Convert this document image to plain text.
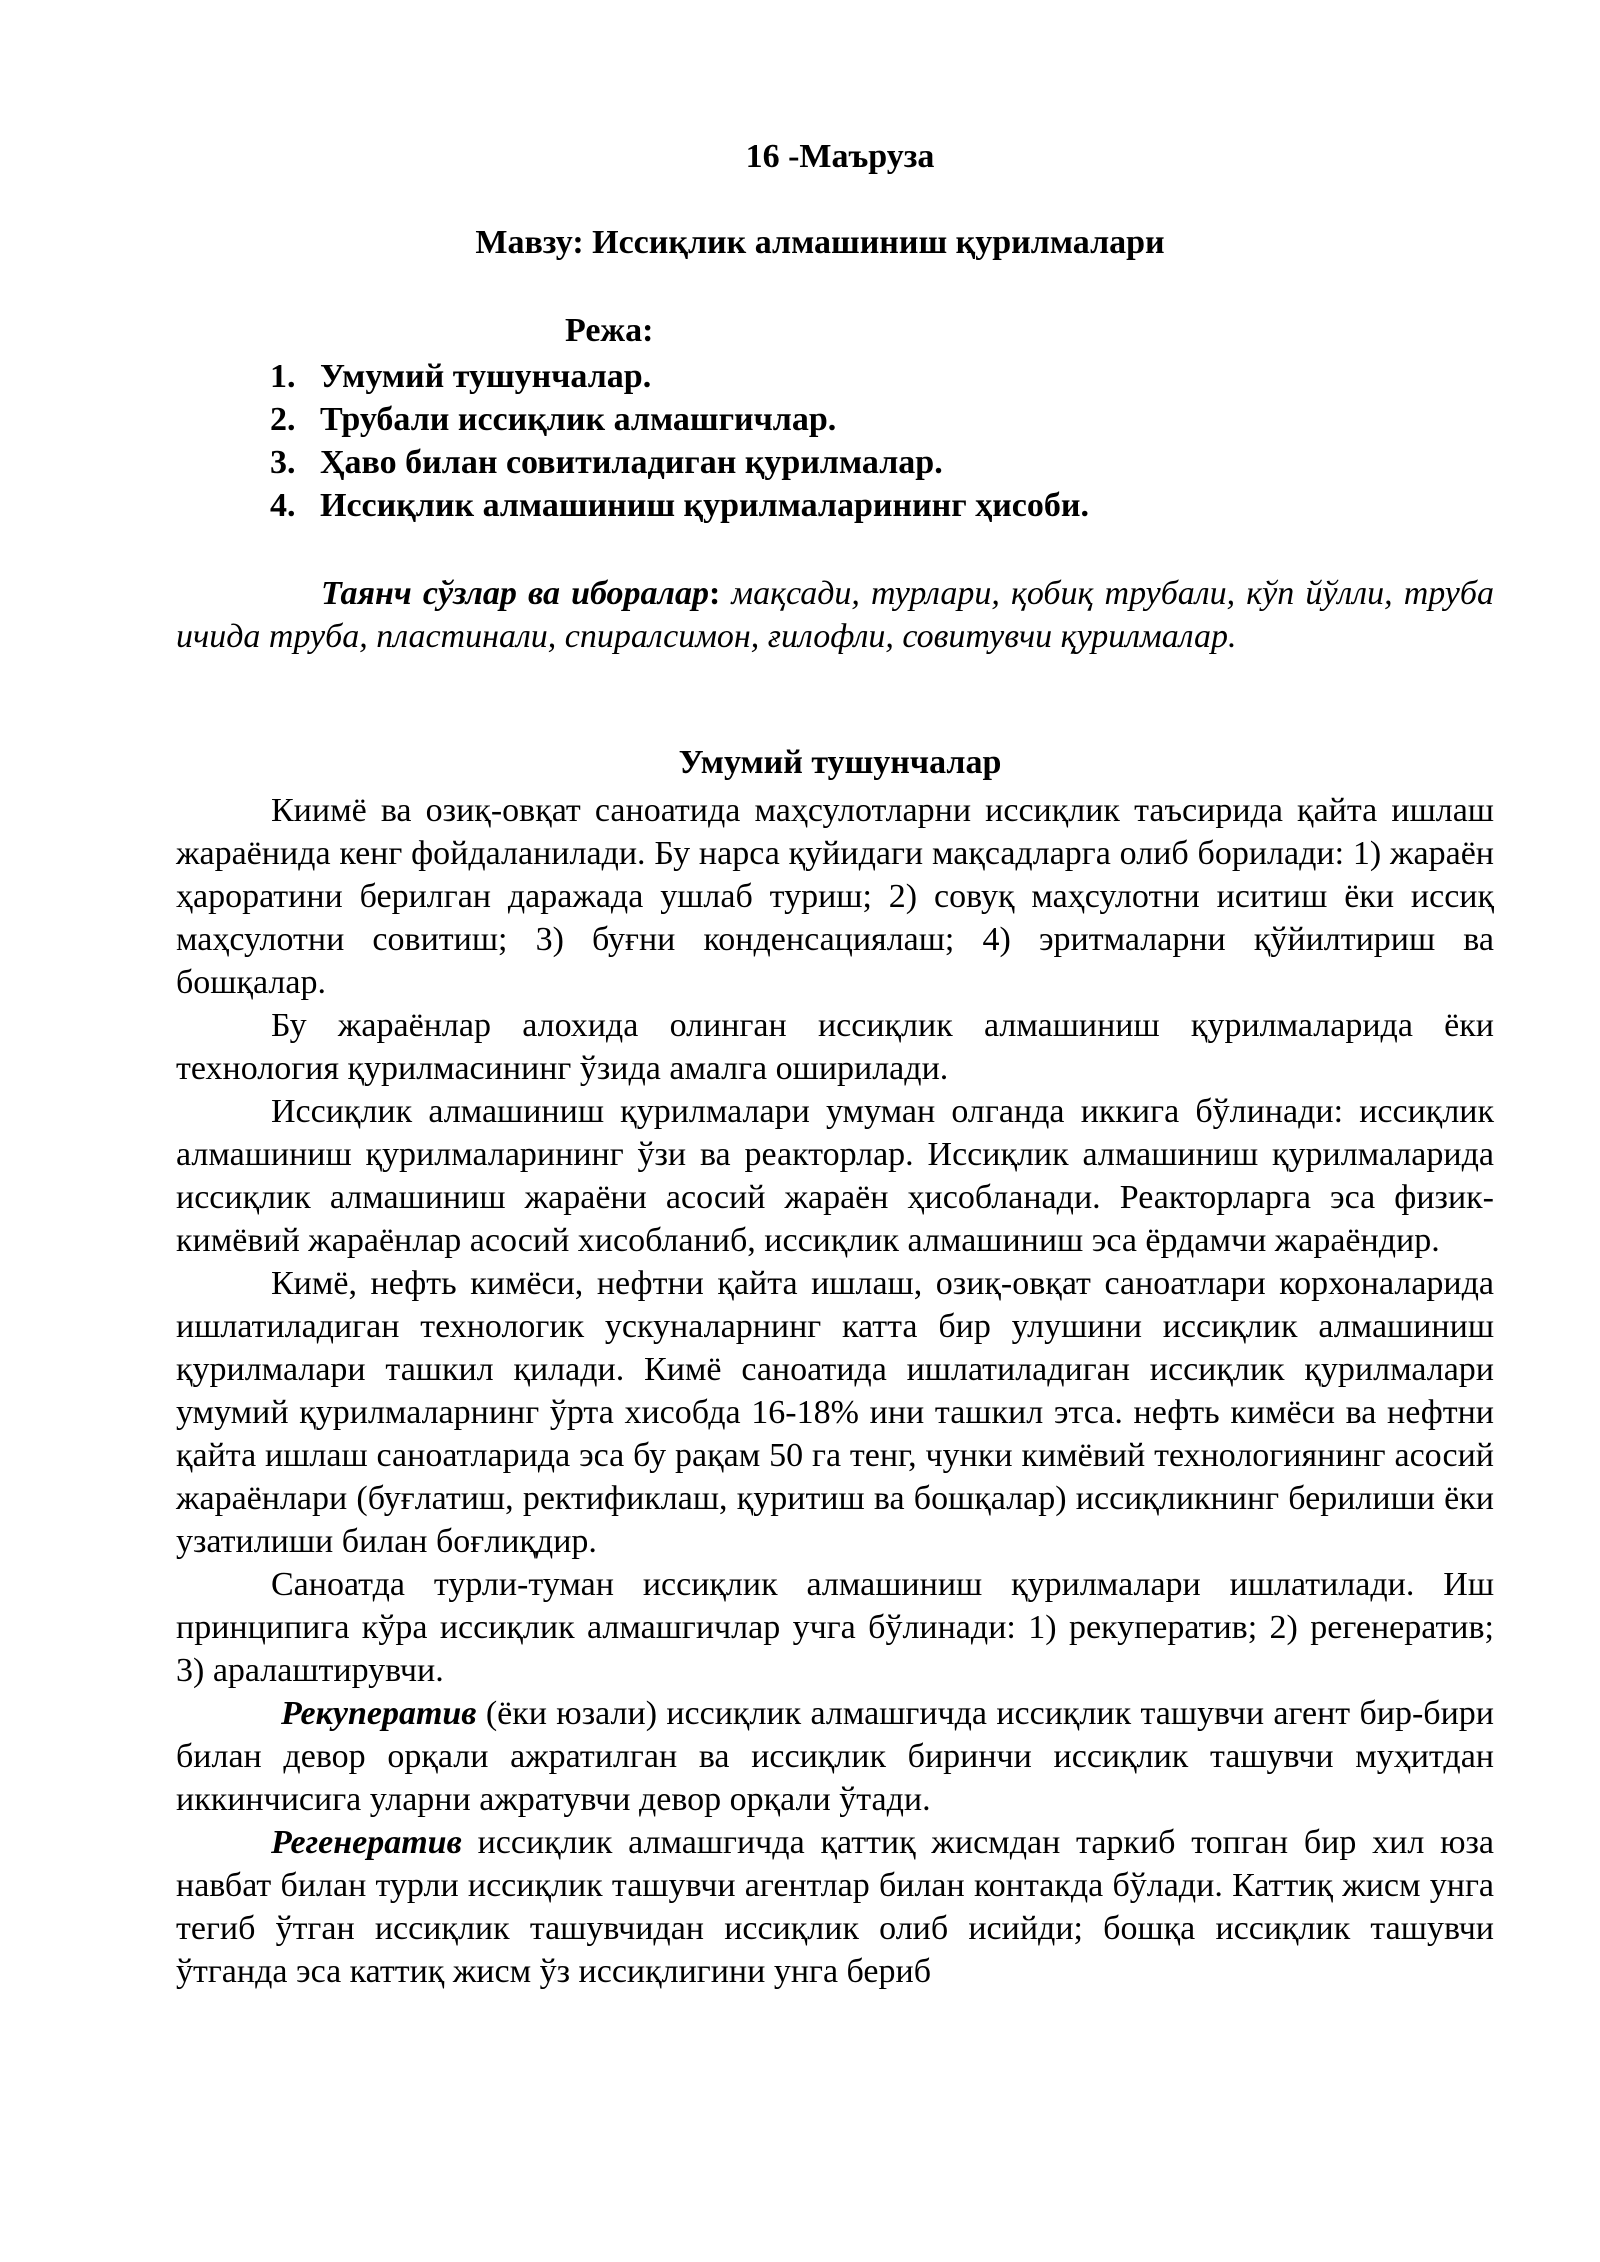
16 -Маъруза
Мавзу: Иссиқлик алмашиниш қурилмалари
Режа:
1. Умумий тушунчалар.
2. Трубали иссиқлик алмашгичлар.
3. Ҳаво билан совитиладиган қурилмалар.
4. Иссиқлик алмашиниш қурилмаларининг ҳисоби.

Таянч сўзлар ва иборалар: мақсади, турлари, қобиқ трубали, кўп йўлли, труба ичида труба, пластинали, спиралсимон, ғилофли, совитувчи қурилмалар.

Умумий тушунчалар

Киимё ва озиқ-овқат саноатида маҳсулотларни иссиқлик таъсирида қайта ишлаш жараёнида кенг фойдаланилади. Бу нарса қуйидаги мақсадларга олиб борилади: 1) жараён ҳароратини берилган даражада ушлаб туриш; 2) совуқ маҳсулотни иситиш ёки иссиқ маҳсулотни совитиш; 3) буғни конденсациялаш; 4) эритмаларни қўйилтириш ва бошқалар.

Бу жараёнлар алохида олинган иссиқлик алмашиниш қурилмаларида ёки технология қурилмасининг ўзида амалга оширилади.

Иссиқлик алмашиниш қурилмалари умуман олганда иккига бўлинади: иссиқлик алмашиниш қурилмаларининг ўзи ва реакторлар. Иссиқлик алмашиниш қурилмаларида иссиқлик алмашиниш жараёни асосий жараён ҳисобланади. Реакторларга эса физик-кимёвий жараёнлар асосий хисобланиб, иссиқлик алмашиниш эса ёрдамчи жараёндир.

Кимё, нефть кимёси, нефтни қайта ишлаш, озиқ-овқат саноатлари корхоналарида ишлатиладиган технологик ускуналарнинг катта бир улушини иссиқлик алмашиниш қурилмалари ташкил қилади. Кимё саноатида ишлатиладиган иссиқлик қурилмалари умумий қурилмаларнинг ўрта хисобда 16-18% ини ташкил этса. нефть кимёси ва нефтни қайта ишлаш саноатларида эса бу рақам 50 га тенг, чунки кимёвий технологиянинг асосий жараёнлари (буғлатиш, ректификлаш, қуритиш ва бошқалар) иссиқликнинг берилиши ёки узатилиши билан боғлиқдир.

Саноатда турли-туман иссиқлик алмашиниш қурилмалари ишлатилади. Иш принципига кўра иссиқлик алмашгичлар учга бўлинади: 1) рекуператив; 2) регенератив; 3) аралаштирувчи.

Рекуператив (ёки юзали) иссиқлик алмашгичда иссиқлик ташувчи агент бир-бири билан девор орқали ажратилган ва иссиқлик биринчи иссиқлик ташувчи муҳитдан иккинчисига уларни ажратувчи девор орқали ўтади.

Регенератив иссиқлик алмашгичда қаттиқ жисмдан таркиб топган бир хил юза навбат билан турли иссиқлик ташувчи агентлар билан контакда бўлади. Каттиқ жисм унга тегиб ўтган иссиқлик ташувчидан иссиқлик олиб исийди; бошқа иссиқлик ташувчи ўтганда эса каттиқ жисм ўз иссиқлигини унга бериб
